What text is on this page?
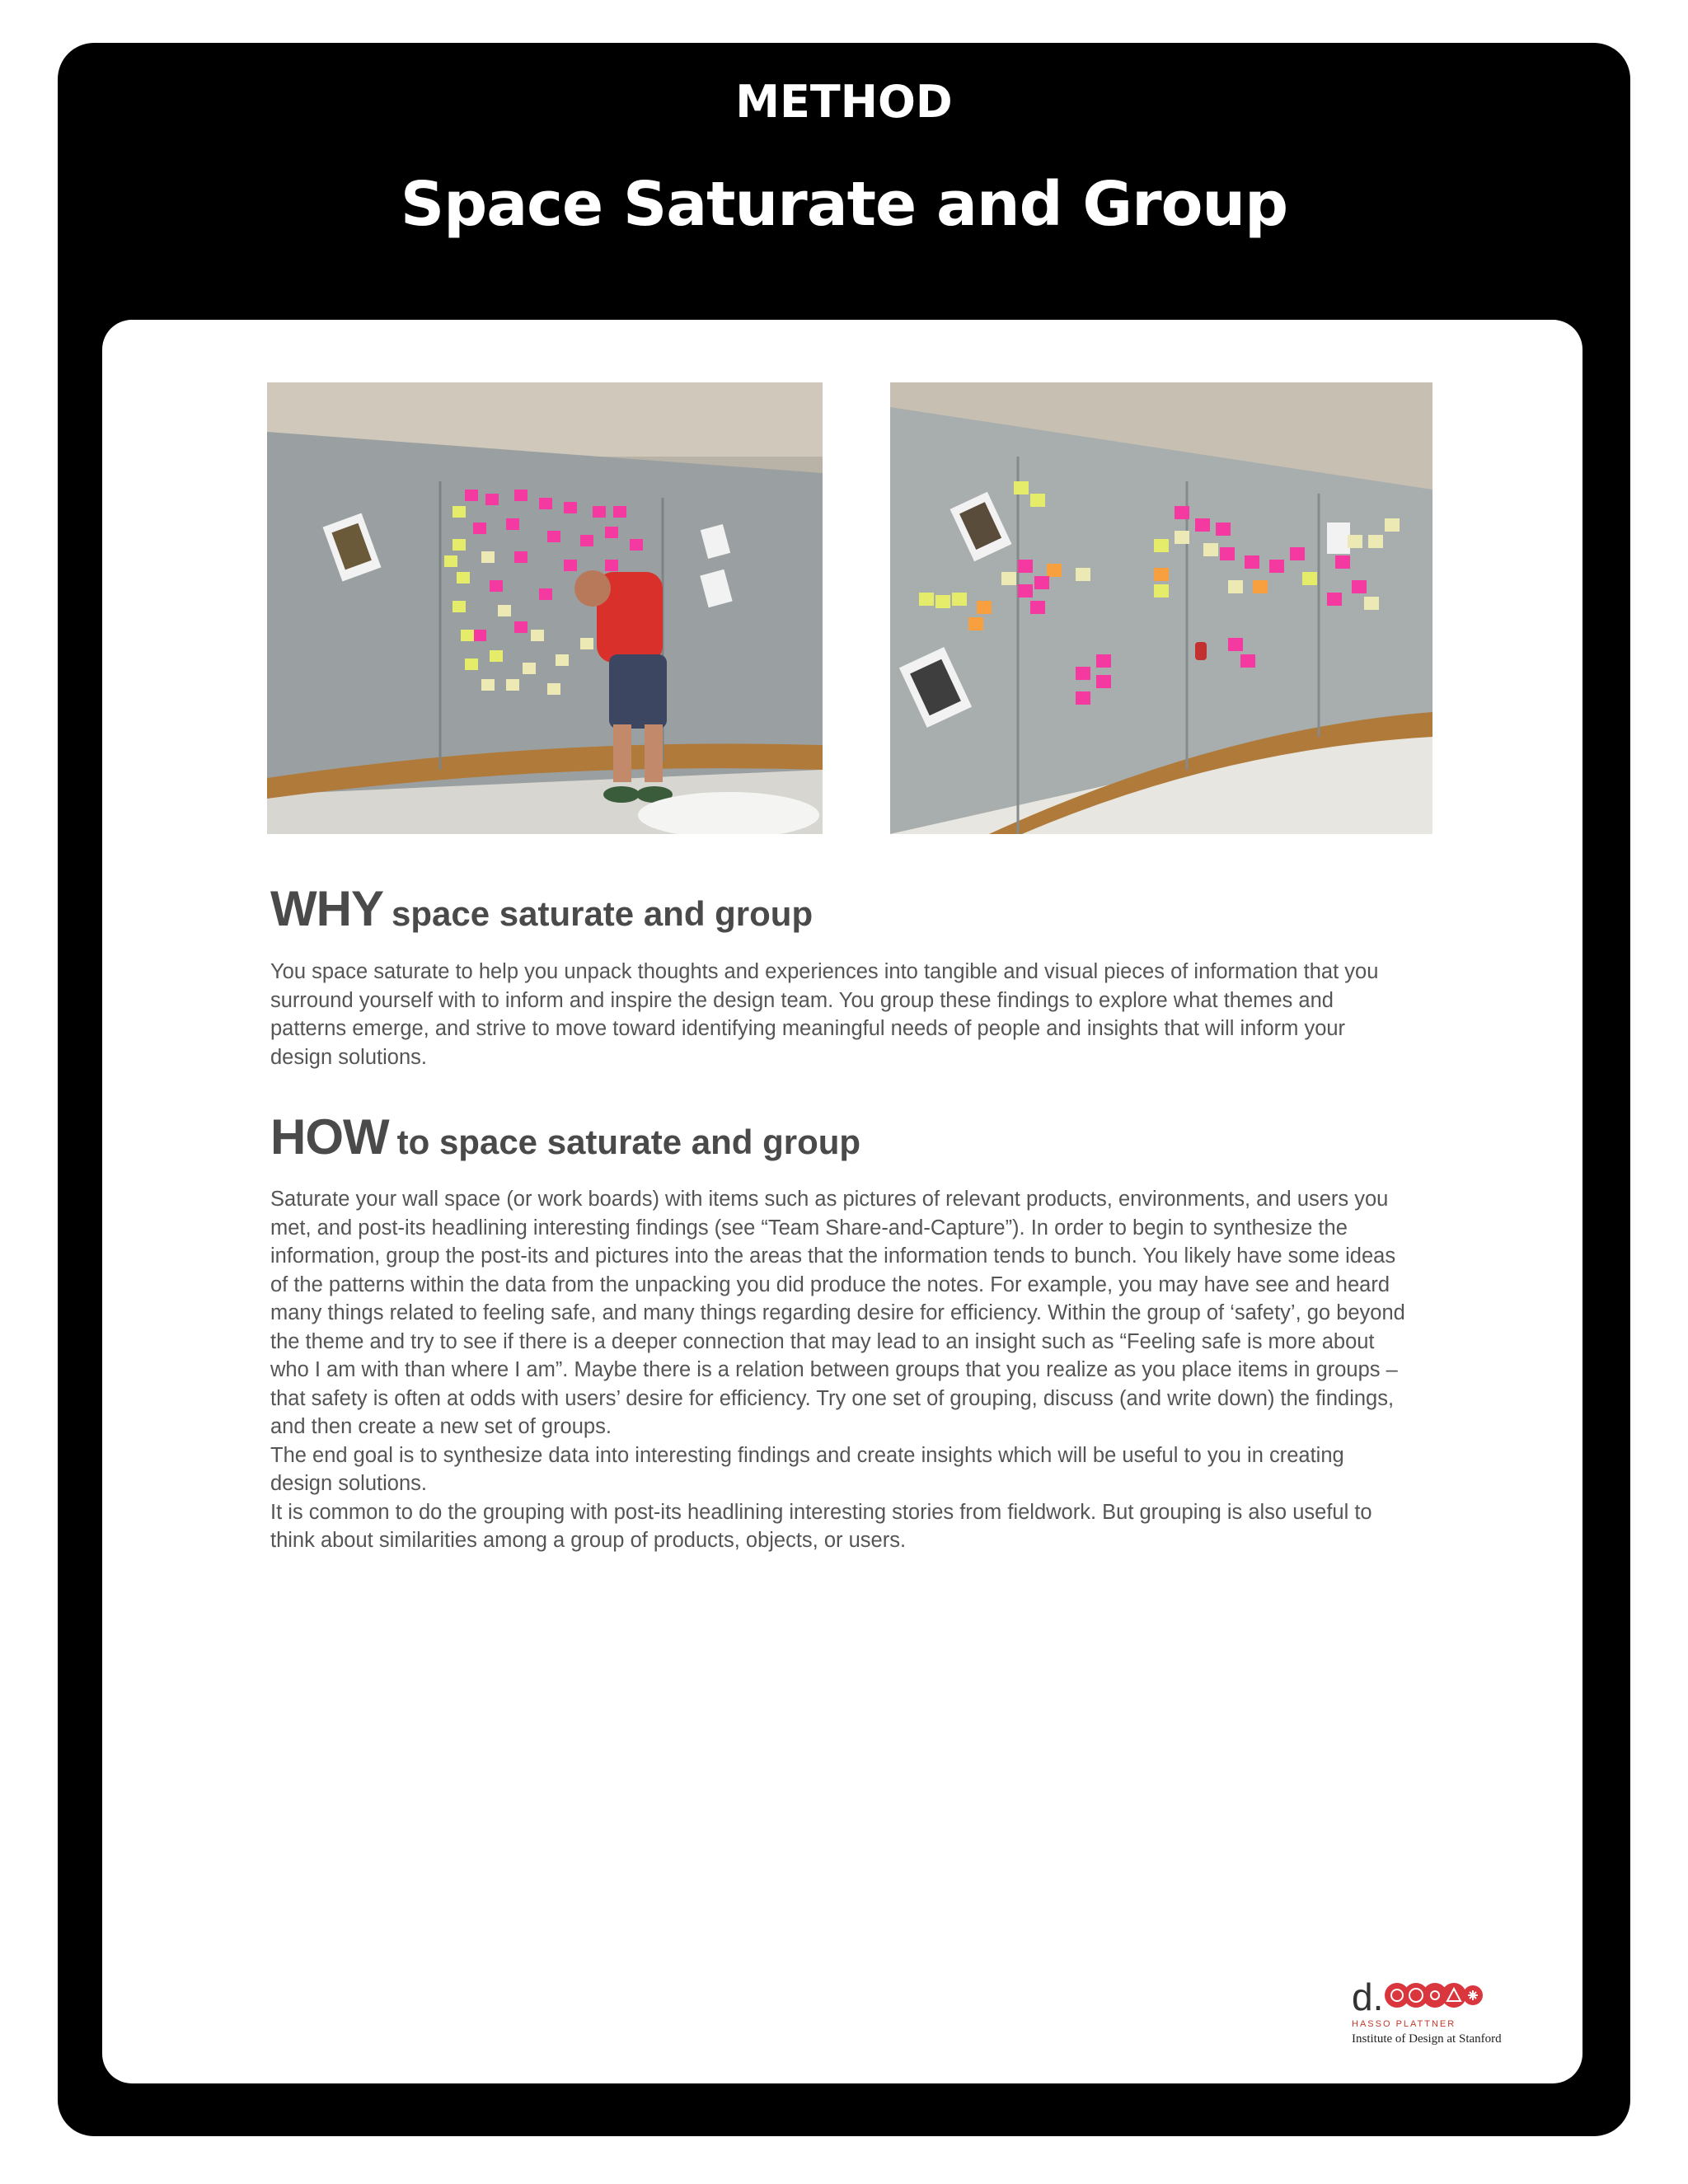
METHOD
Space Saturate and Group
WHY space saturate and group

You space saturate to help you unpack thoughts and experiences into tangible and visual pieces of information that you surround yourself with to inform and inspire the design team. You group these findings to explore what themes and patterns emerge, and strive to move toward identifying meaningful needs of people and insights that will inform your design solutions.

HOW to space saturate and group

Saturate your wall space (or work boards) with items such as pictures of relevant products, environments, and users you met, and post-its headlining interesting findings (see “Team Share-and-Capture”). In order to begin to synthesize the information, group the post-its and pictures into the areas that the information tends to bunch. You likely have some ideas of the patterns within the data from the unpacking you did produce the notes. For example, you may have see and heard many things related to feeling safe, and many things regarding desire for efficiency. Within the group of ‘safety’, go beyond the theme and try to see if there is a deeper connection that may lead to an insight such as “Feeling safe is more about who I am with than where I am”. Maybe there is a relation between groups that you realize as you place items in groups – that safety is often at odds with users’ desire for efficiency. Try one set of grouping, discuss (and write down) the findings, and then create a new set of groups.

The end goal is to synthesize data into interesting findings and create insights which will be useful to you in creating design solutions.

It is common to do the grouping with post-its headlining interesting stories from fieldwork. But grouping is also useful to think about similarities among a group of products, objects, or users.

d.
HASSO PLATTNER
Institute of Design at Stanford
